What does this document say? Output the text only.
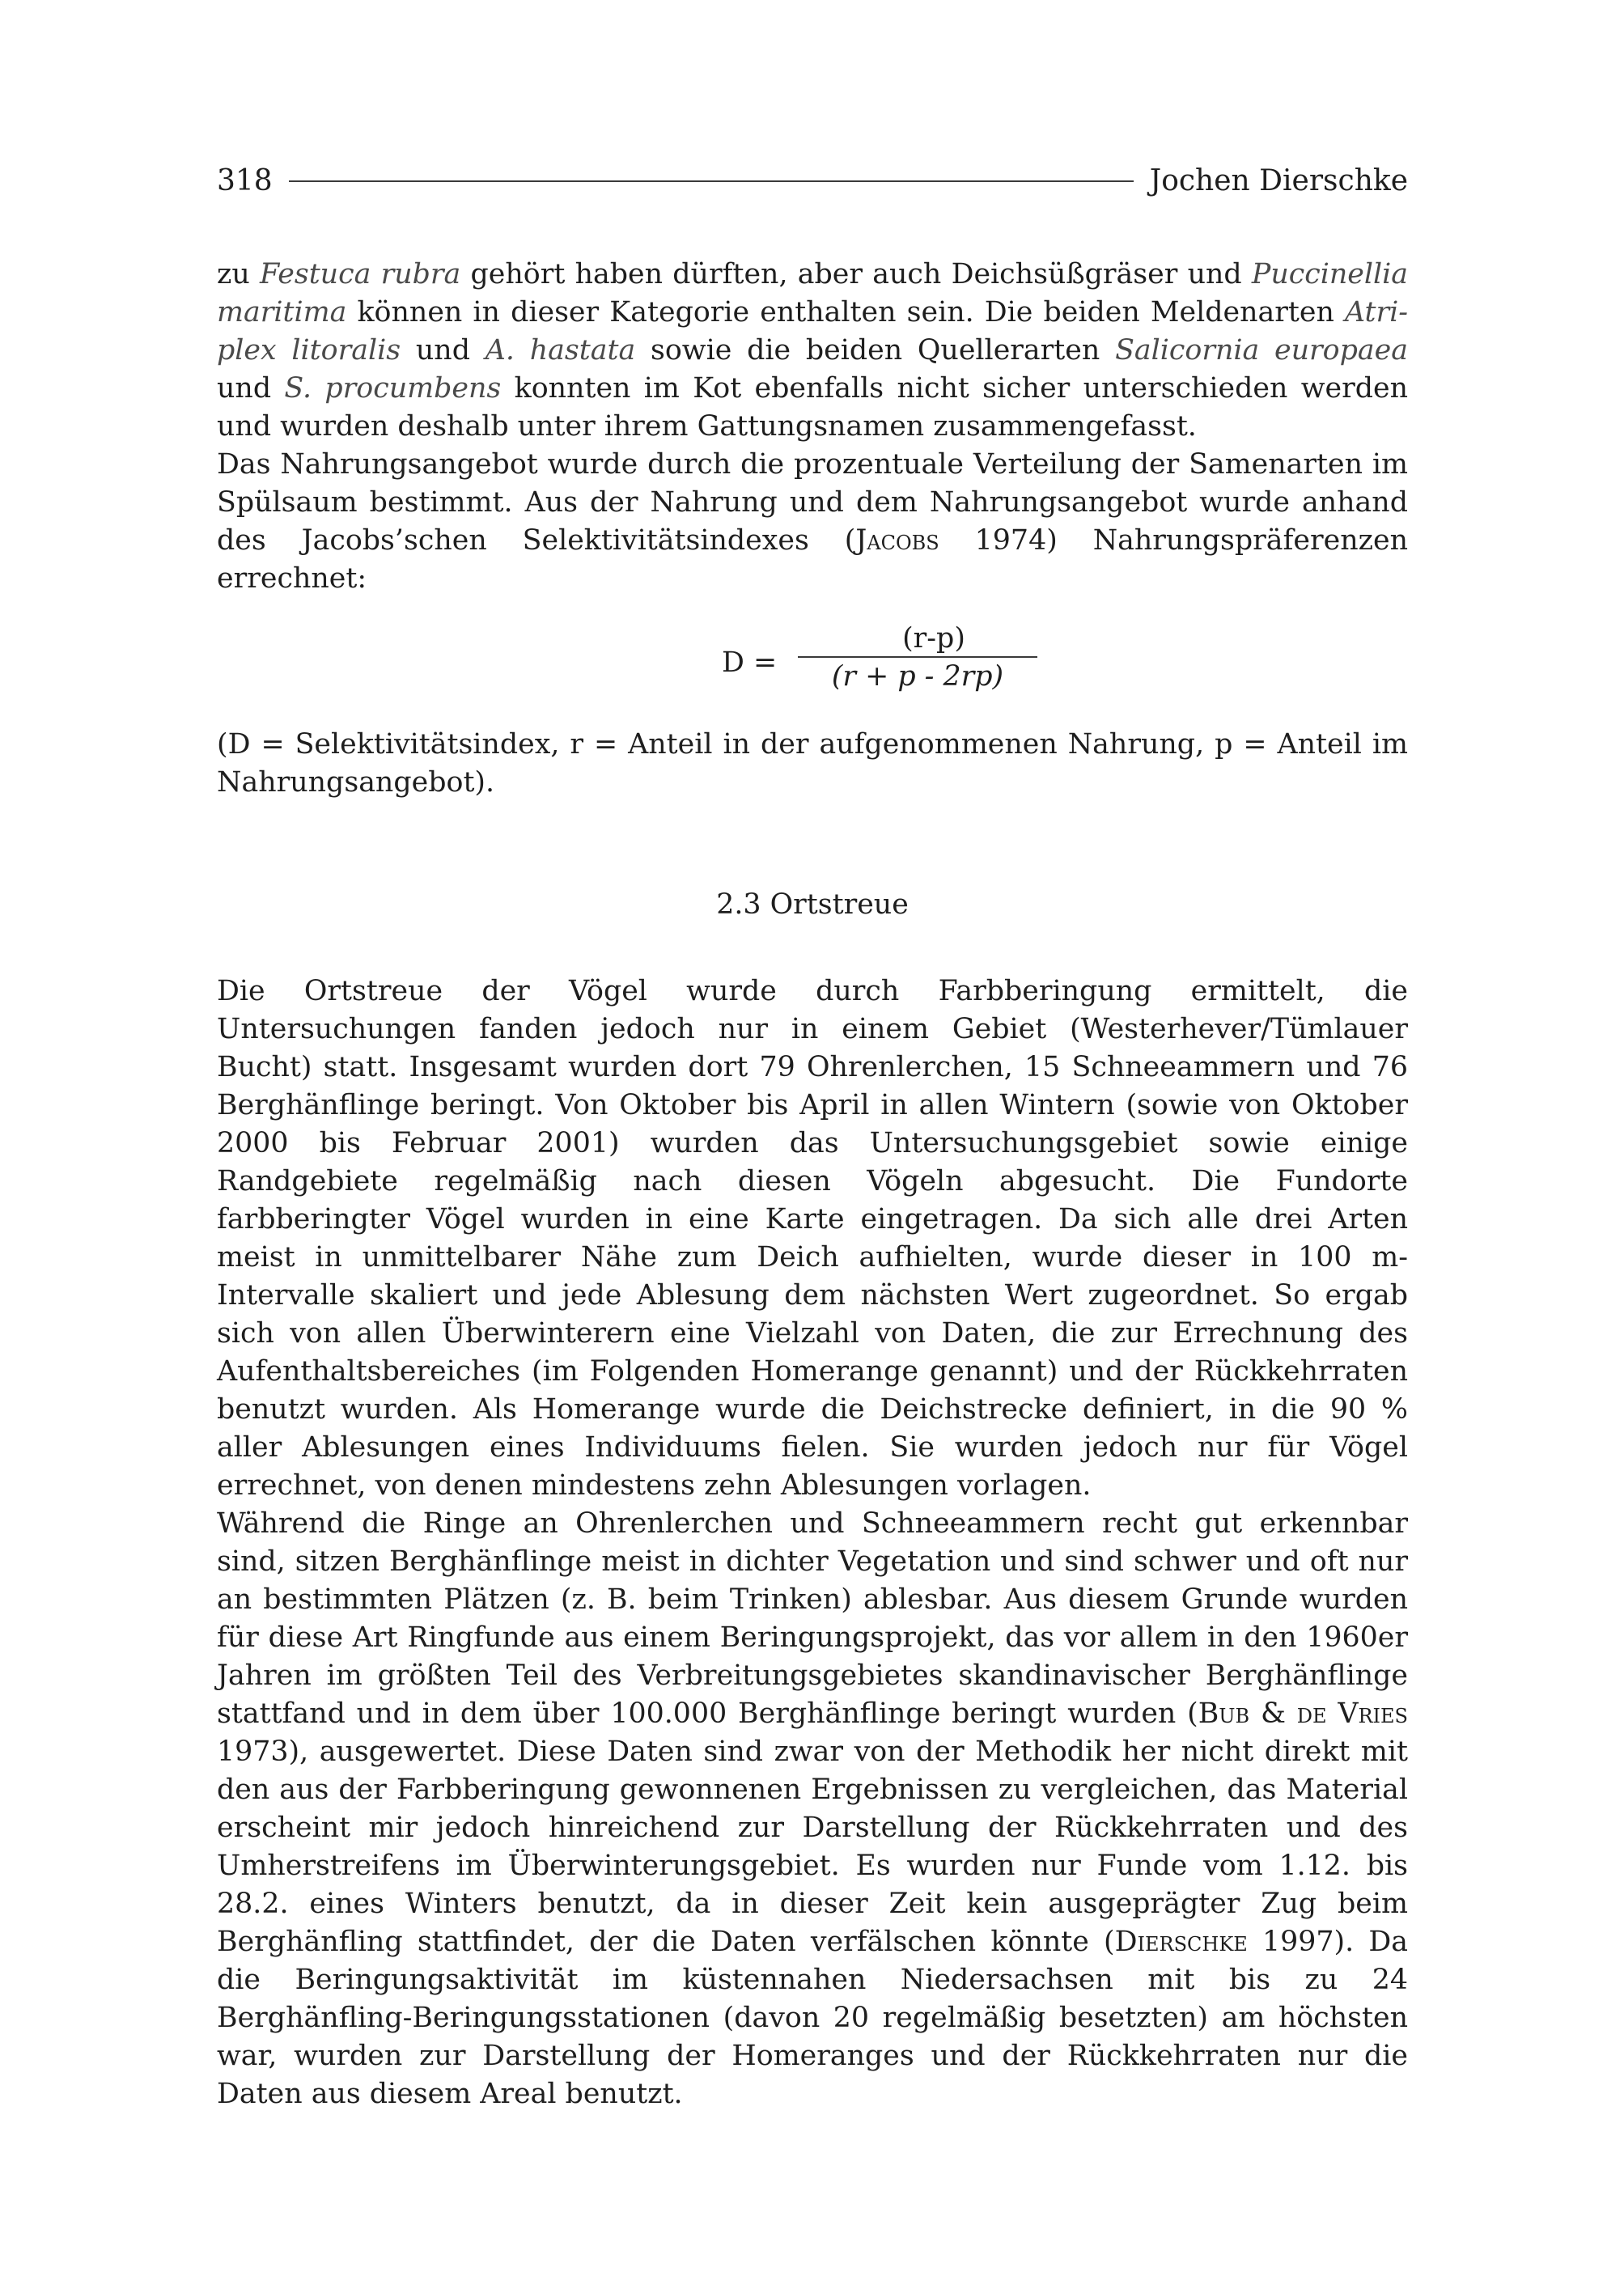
318	Jochen Dierschke

zu Festuca rubra gehört haben dürften, aber auch Deichsüßgräser und Puccinellia maritima können in dieser Kategorie enthalten sein. Die beiden Meldenarten Atriplex litoralis und A. hastata sowie die beiden Quellerarten Salicornia europaea und S. procumbens konnten im Kot ebenfalls nicht sicher unterschieden werden und wurden deshalb unter ihrem Gattungsnamen zusammengefasst.

Das Nahrungsangebot wurde durch die prozentuale Verteilung der Samenarten im Spülsaum bestimmt. Aus der Nahrung und dem Nahrungsangebot wurde anhand des Jacobs’schen Selektivitätsindexes (Jacobs 1974) Nahrungspräferenzen errechnet:

$D = \frac{(r-p)}{(r + p - 2rp)}$

(D = Selektivitätsindex, r = Anteil in der aufgenommenen Nahrung, p = Anteil im Nahrungsangebot).

2.3 Ortstreue

Die Ortstreue der Vögel wurde durch Farbberingung ermittelt, die Untersuchungen fanden jedoch nur in einem Gebiet (Westerhever/Tümlauer Bucht) statt. Insgesamt wurden dort 79 Ohrenlerchen, 15 Schneeammern und 76 Berghänflinge beringt. Von Oktober bis April in allen Wintern (sowie von Oktober 2000 bis Februar 2001) wurden das Untersuchungsgebiet sowie einige Randgebiete regelmäßig nach diesen Vögeln abgesucht. Die Fundorte farbberingter Vögel wurden in eine Karte eingetragen. Da sich alle drei Arten meist in unmittelbarer Nähe zum Deich aufhielten, wurde dieser in 100 m-Intervalle skaliert und jede Ablesung dem nächsten Wert zugeordnet. So ergab sich von allen Überwinterern eine Vielzahl von Daten, die zur Errechnung des Aufenthaltsbereiches (im Folgenden Homerange genannt) und der Rückkehrraten benutzt wurden. Als Homerange wurde die Deichstrecke definiert, in die 90 % aller Ablesungen eines Individuums fielen. Sie wurden jedoch nur für Vögel errechnet, von denen mindestens zehn Ablesungen vorlagen.

Während die Ringe an Ohrenlerchen und Schneeammern recht gut erkennbar sind, sitzen Berghänflinge meist in dichter Vegetation und sind schwer und oft nur an bestimmten Plätzen (z. B. beim Trinken) ablesbar. Aus diesem Grunde wurden für diese Art Ringfunde aus einem Beringungsprojekt, das vor allem in den 1960er Jahren im größten Teil des Verbreitungsgebietes skandinavischer Berghänflinge stattfand und in dem über 100.000 Berghänflinge beringt wurden (Bub & de Vries 1973), ausgewertet. Diese Daten sind zwar von der Methodik her nicht direkt mit den aus der Farbberingung gewonnenen Ergebnissen zu vergleichen, das Material erscheint mir jedoch hinreichend zur Darstellung der Rückkehrraten und des Umherstreifens im Überwinterungsgebiet. Es wurden nur Funde vom 1.12. bis 28.2. eines Winters benutzt, da in dieser Zeit kein ausgeprägter Zug beim Berghänfling stattfindet, der die Daten verfälschen könnte (Dierschke 1997). Da die Beringungsaktivität im küstennahen Niedersachsen mit bis zu 24 Berghänfling-Beringungsstationen (davon 20 regelmäßig besetzten) am höchsten war, wurden zur Darstellung der Homeranges und der Rückkehrraten nur die Daten aus diesem Areal benutzt.
